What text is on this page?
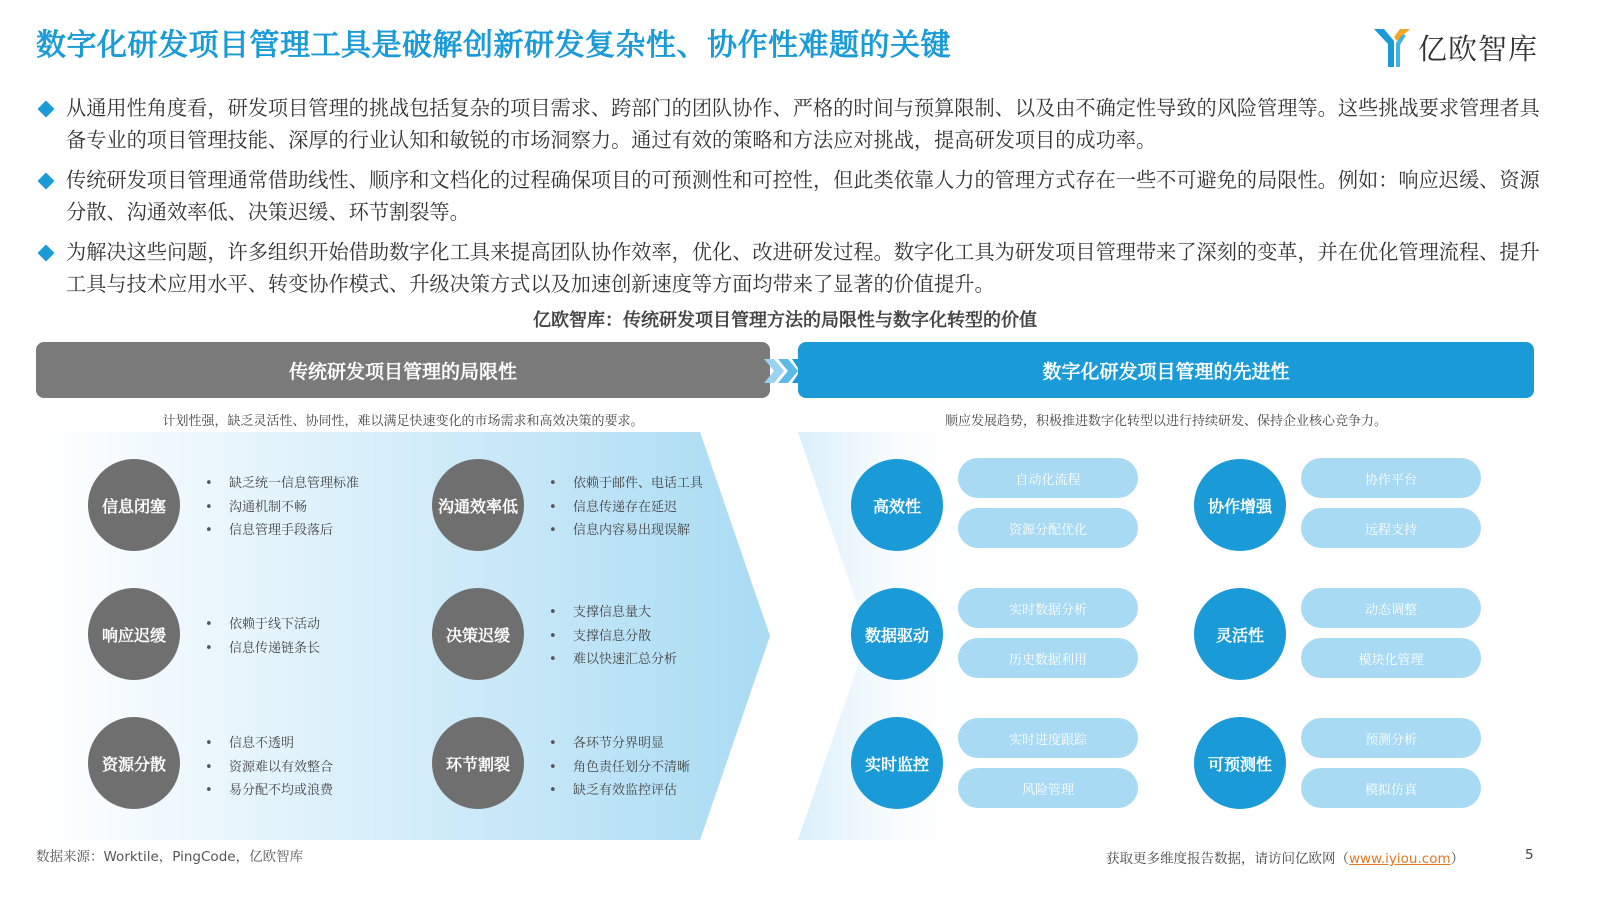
数字化研发项目管理工具是破解创新研发复杂性、协作性难题的关键	亿欧智库
从通用性角度看，研发项目管理的挑战包括复杂的项目需求、跨部门的团队协作、严格的时间与预算限制、以及由不确定性导致的风险管理等。这些挑战要求管理者具备专业的项目管理技能、深厚的行业认知和敏锐的市场洞察力。通过有效的策略和方法应对挑战，提高研发项目的成功率。
传统研发项目管理通常借助线性、顺序和文档化的过程确保项目的可预测性和可控性，但此类依靠人力的管理方式存在一些不可避免的局限性。例如：响应迟缓、资源分散、沟通效率低、决策迟缓、环节割裂等。
为解决这些问题，许多组织开始借助数字化工具来提高团队协作效率，优化、改进研发过程。数字化工具为研发项目管理带来了深刻的变革，并在优化管理流程、提升工具与技术应用水平、转变协作模式、升级决策方式以及加速创新速度等方面均带来了显著的价值提升。
亿欧智库：传统研发项目管理方法的局限性与数字化转型的价值
传统研发项目管理的局限性	数字化研发项目管理的先进性
计划性强，缺乏灵活性、协同性，难以满足快速变化的市场需求和高效决策的要求。	顺应发展趋势，积极推进数字化转型以进行持续研发、保持企业核心竞争力。
信息闭塞
• 缺乏统一信息管理标准
• 沟通机制不畅
• 信息管理手段落后
沟通效率低
• 依赖于邮件、电话工具
• 信息传递存在延迟
• 信息内容易出现误解
响应迟缓
• 依赖于线下活动
• 信息传递链条长
决策迟缓
• 支撑信息量大
• 支撑信息分散
• 难以快速汇总分析
资源分散
• 信息不透明
• 资源难以有效整合
• 易分配不均或浪费
环节割裂
• 各环节分界明显
• 角色责任划分不清晰
• 缺乏有效监控评估
高效性
自动化流程
资源分配优化
协作增强
协作平台
远程支持
数据驱动
实时数据分析
历史数据利用
灵活性
动态调整
模块化管理
实时监控
实时进度跟踪
风险管理
可预测性
预测分析
模拟仿真
数据来源：Worktile，PingCode，亿欧智库	获取更多维度报告数据，请访问亿欧网（www.iyiou.com）	5
